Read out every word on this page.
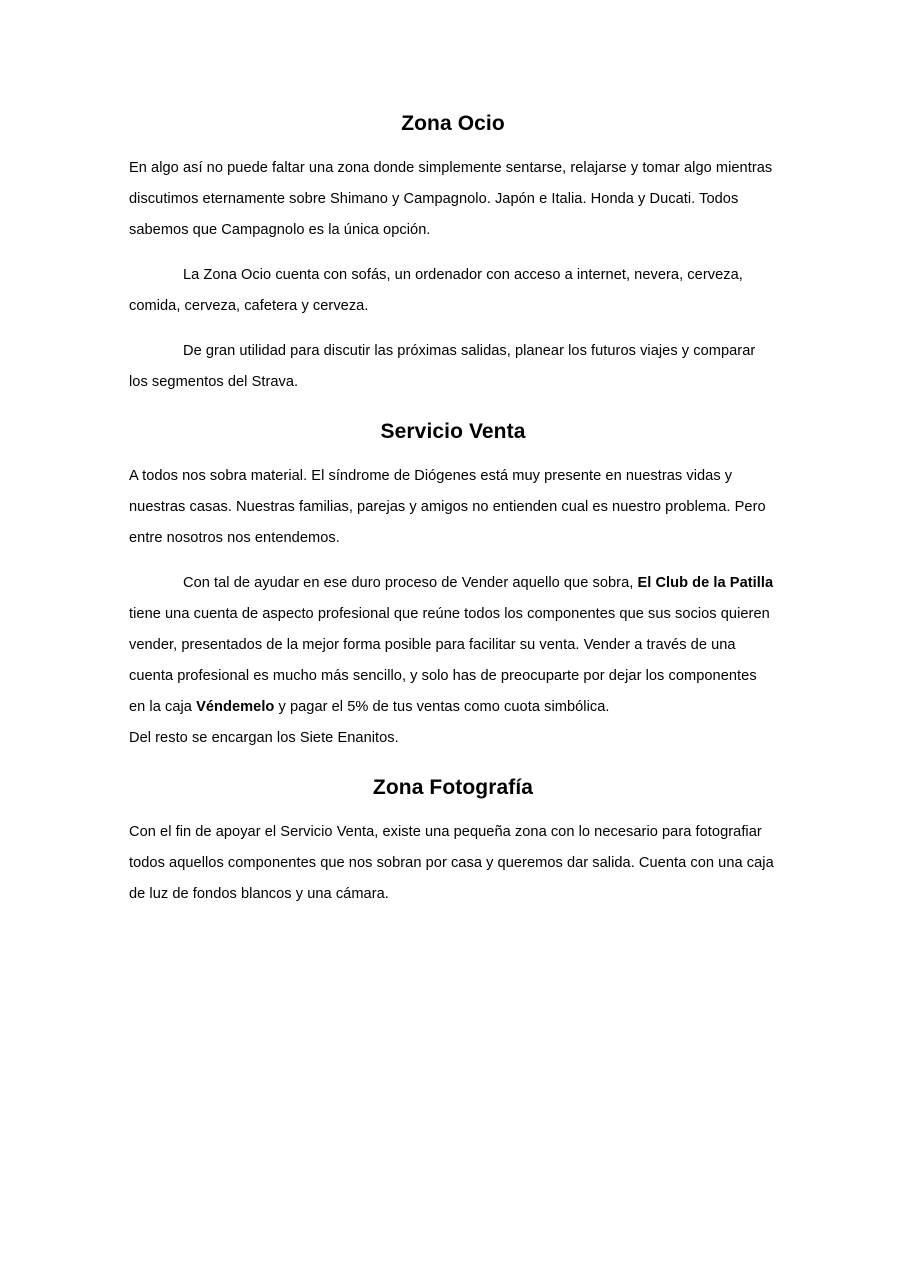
Zona Ocio

En algo así no puede faltar una zona donde simplemente sentarse, relajarse y tomar algo mientras discutimos eternamente sobre Shimano y Campagnolo. Japón e Italia. Honda y Ducati. Todos sabemos que Campagnolo es la única opción.

La Zona Ocio cuenta con sofás, un ordenador con acceso a internet, nevera, cerveza, comida, cerveza, cafetera y cerveza.

De gran utilidad para discutir las próximas salidas, planear los futuros viajes y comparar los segmentos del Strava.

Servicio Venta

A todos nos sobra material. El síndrome de Diógenes está muy presente en nuestras vidas y nuestras casas. Nuestras familias, parejas y amigos no entienden cual es nuestro problema. Pero entre nosotros nos entendemos.

Con tal de ayudar en ese duro proceso de Vender aquello que sobra, El Club de la Patilla tiene una cuenta de aspecto profesional que reúne todos los componentes que sus socios quieren vender, presentados de la mejor forma posible para facilitar su venta. Vender a través de una cuenta profesional es mucho más sencillo, y solo has de preocuparte por dejar los componentes en la caja Véndemelo y pagar el 5% de tus ventas como cuota simbólica.
Del resto se encargan los Siete Enanitos.

Zona Fotografía

Con el fin de apoyar el Servicio Venta, existe una pequeña zona con lo necesario para fotografiar todos aquellos componentes que nos sobran por casa y queremos dar salida. Cuenta con una caja de luz de fondos blancos y una cámara.
